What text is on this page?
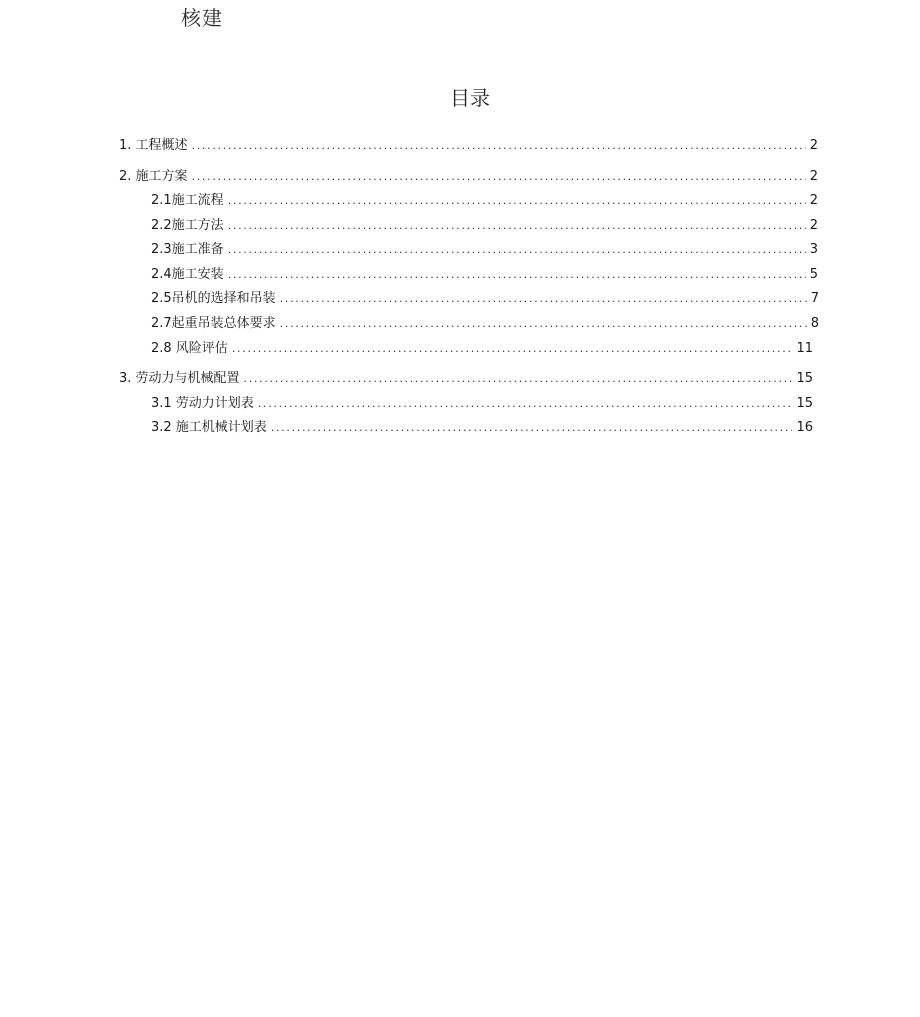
核建
目录
1. 工程概述 . . .	2
2. 施工方案 . . .	2
2.1施工流程 . . .	2
2.2施工方法 . . .	2
2.3施工准备 . . .	3
2.4施工安装 . . .	5
2.5吊机的选择和吊装 . . .	7
2.7起重吊装总体要求 . . .	8
2.8 风险评估 . . .	11
3. 劳动力与机械配置 . . .	15
3.1 劳动力计划表 . . .	15
3.2 施工机械计划表 . . .	16
